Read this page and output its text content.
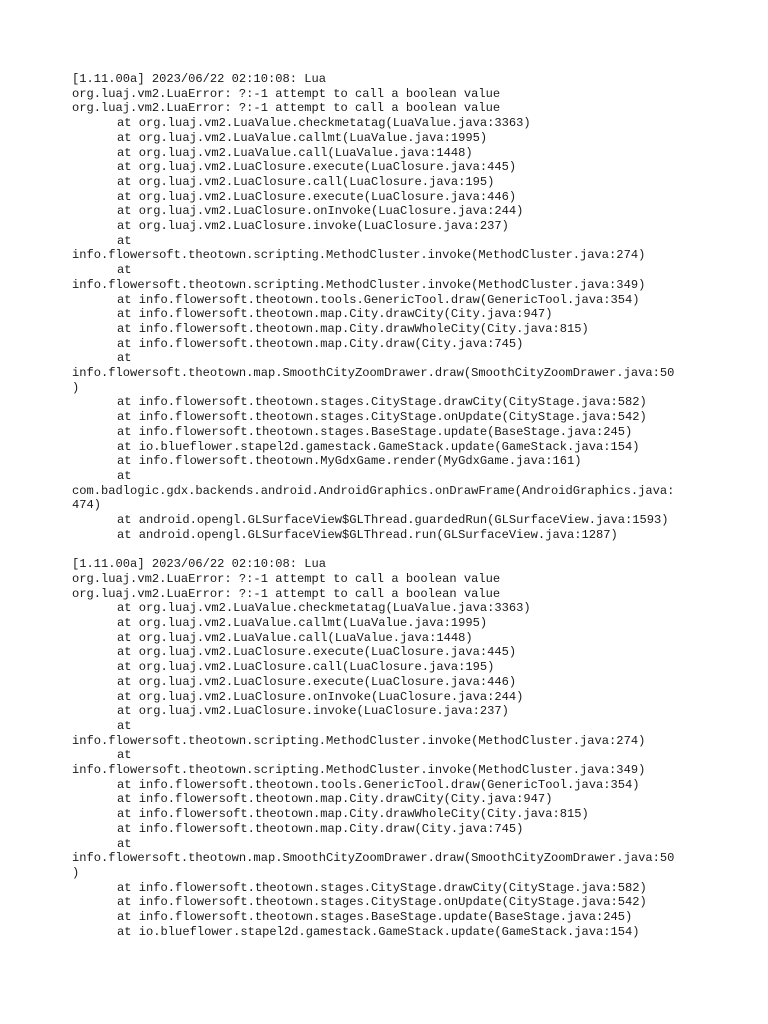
[1.11.00a] 2023/06/22 02:10:08: Lua
org.luaj.vm2.LuaError: ?:-1 attempt to call a boolean value
org.luaj.vm2.LuaError: ?:-1 attempt to call a boolean value
at org.luaj.vm2.LuaValue.checkmetatag(LuaValue.java:3363)
at org.luaj.vm2.LuaValue.callmt(LuaValue.java:1995)
at org.luaj.vm2.LuaValue.call(LuaValue.java:1448)
at org.luaj.vm2.LuaClosure.execute(LuaClosure.java:445)
at org.luaj.vm2.LuaClosure.call(LuaClosure.java:195)
at org.luaj.vm2.LuaClosure.execute(LuaClosure.java:446)
at org.luaj.vm2.LuaClosure.onInvoke(LuaClosure.java:244)
at org.luaj.vm2.LuaClosure.invoke(LuaClosure.java:237)
at
info.flowersoft.theotown.scripting.MethodCluster.invoke(MethodCluster.java:274)
at
info.flowersoft.theotown.scripting.MethodCluster.invoke(MethodCluster.java:349)
at info.flowersoft.theotown.tools.GenericTool.draw(GenericTool.java:354)
at info.flowersoft.theotown.map.City.drawCity(City.java:947)
at info.flowersoft.theotown.map.City.drawWholeCity(City.java:815)
at info.flowersoft.theotown.map.City.draw(City.java:745)
at
info.flowersoft.theotown.map.SmoothCityZoomDrawer.draw(SmoothCityZoomDrawer.java:50
)
at info.flowersoft.theotown.stages.CityStage.drawCity(CityStage.java:582)
at info.flowersoft.theotown.stages.CityStage.onUpdate(CityStage.java:542)
at info.flowersoft.theotown.stages.BaseStage.update(BaseStage.java:245)
at io.blueflower.stapel2d.gamestack.GameStack.update(GameStack.java:154)
at info.flowersoft.theotown.MyGdxGame.render(MyGdxGame.java:161)
at
com.badlogic.gdx.backends.android.AndroidGraphics.onDrawFrame(AndroidGraphics.java:
474)
at android.opengl.GLSurfaceView$GLThread.guardedRun(GLSurfaceView.java:1593)
at android.opengl.GLSurfaceView$GLThread.run(GLSurfaceView.java:1287)
[1.11.00a] 2023/06/22 02:10:08: Lua
org.luaj.vm2.LuaError: ?:-1 attempt to call a boolean value
org.luaj.vm2.LuaError: ?:-1 attempt to call a boolean value
at org.luaj.vm2.LuaValue.checkmetatag(LuaValue.java:3363)
at org.luaj.vm2.LuaValue.callmt(LuaValue.java:1995)
at org.luaj.vm2.LuaValue.call(LuaValue.java:1448)
at org.luaj.vm2.LuaClosure.execute(LuaClosure.java:445)
at org.luaj.vm2.LuaClosure.call(LuaClosure.java:195)
at org.luaj.vm2.LuaClosure.execute(LuaClosure.java:446)
at org.luaj.vm2.LuaClosure.onInvoke(LuaClosure.java:244)
at org.luaj.vm2.LuaClosure.invoke(LuaClosure.java:237)
at
info.flowersoft.theotown.scripting.MethodCluster.invoke(MethodCluster.java:274)
at
info.flowersoft.theotown.scripting.MethodCluster.invoke(MethodCluster.java:349)
at info.flowersoft.theotown.tools.GenericTool.draw(GenericTool.java:354)
at info.flowersoft.theotown.map.City.drawCity(City.java:947)
at info.flowersoft.theotown.map.City.drawWholeCity(City.java:815)
at info.flowersoft.theotown.map.City.draw(City.java:745)
at
info.flowersoft.theotown.map.SmoothCityZoomDrawer.draw(SmoothCityZoomDrawer.java:50
)
at info.flowersoft.theotown.stages.CityStage.drawCity(CityStage.java:582)
at info.flowersoft.theotown.stages.CityStage.onUpdate(CityStage.java:542)
at info.flowersoft.theotown.stages.BaseStage.update(BaseStage.java:245)
at io.blueflower.stapel2d.gamestack.GameStack.update(GameStack.java:154)
